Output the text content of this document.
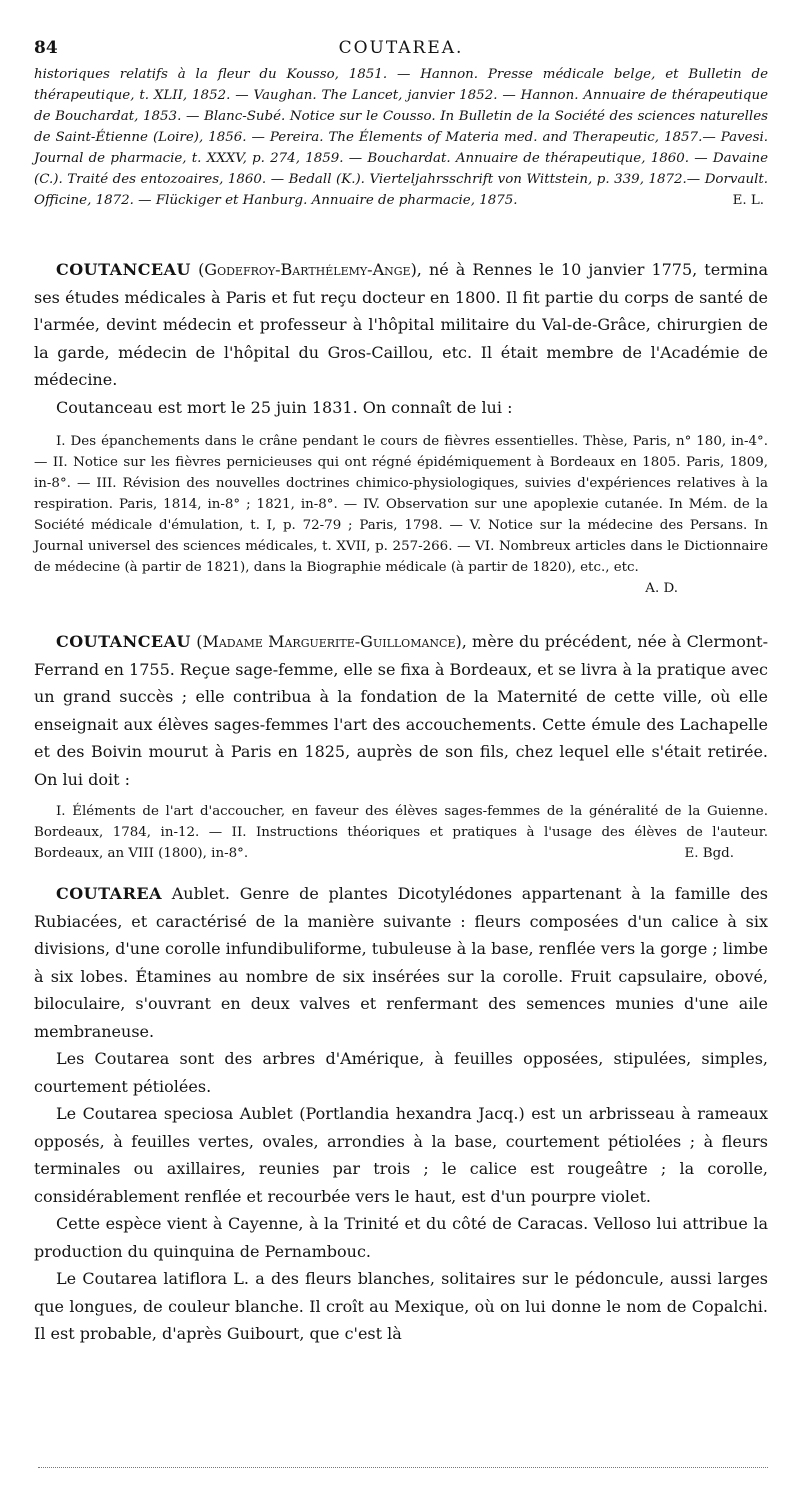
84	COUTAREA.

historiques relatifs à la fleur du Kousso, 1851. — Hannon. Presse médicale belge, et Bulletin de thérapeutique, t. XLII, 1852. — Vaughan. The Lancet, janvier 1852. — Hannon. Annuaire de thérapeutique de Bouchardat, 1853. — Blanc-Subé. Notice sur le Cousso. In Bulletin de la Société des sciences naturelles de Saint-Étienne (Loire), 1856. — Pereira. The Élements of Materia med. and Therapeutic, 1857.— Pavesi. Journal de pharmacie, t. XXXV, p. 274, 1859. — Bouchardat. Annuaire de thérapeutique, 1860. — Davaine (C.). Traité des entozoaires, 1860. — Bedall (K.). Vierteljahrsschrift von Wittstein, p. 339, 1872.— Dorvault. Officine, 1872. — Flückiger et Hanburg. Annuaire de pharmacie, 1875.	E. L.

COUTANCEAU (Godefroy-Barthélemy-Ange), né à Rennes le 10 janvier 1775, termina ses études médicales à Paris et fut reçu docteur en 1800. Il fit partie du corps de santé de l'armée, devint médecin et professeur à l'hôpital militaire du Val-de-Grâce, chirurgien de la garde, médecin de l'hôpital du Gros-Caillou, etc. Il était membre de l'Académie de médecine.

Coutanceau est mort le 25 juin 1831. On connaît de lui :

I. Des épanchements dans le crâne pendant le cours de fièvres essentielles. Thèse, Paris, n° 180, in-4°. — II. Notice sur les fièvres pernicieuses qui ont régné épidémiquement à Bordeaux en 1805. Paris, 1809, in-8°. — III. Révision des nouvelles doctrines chimico-physiologiques, suivies d'expériences relatives à la respiration. Paris, 1814, in-8° ; 1821, in-8°. — IV. Observation sur une apoplexie cutanée. In Mém. de la Société médicale d'émulation, t. I, p. 72-79 ; Paris, 1798. — V. Notice sur la médecine des Persans. In Journal universel des sciences médicales, t. XVII, p. 257-266. — VI. Nombreux articles dans le Dictionnaire de médecine (à partir de 1821), dans la Biographie médicale (à partir de 1820), etc., etc.

A. D.

COUTANCEAU (Madame Marguerite-Guillomance), mère du précédent, née à Clermont-Ferrand en 1755. Reçue sage-femme, elle se fixa à Bordeaux, et se livra à la pratique avec un grand succès ; elle contribua à la fondation de la Maternité de cette ville, où elle enseignait aux élèves sages-femmes l'art des accouchements. Cette émule des Lachapelle et des Boivin mourut à Paris en 1825, auprès de son fils, chez lequel elle s'était retirée. On lui doit :

I. Éléments de l'art d'accoucher, en faveur des élèves sages-femmes de la généralité de la Guienne. Bordeaux, 1784, in-12. — II. Instructions théoriques et pratiques à l'usage des élèves de l'auteur. Bordeaux, an VIII (1800), in-8°.	E. Bgd.

COUTAREA Aublet. Genre de plantes Dicotylédones appartenant à la famille des Rubiacées, et caractérisé de la manière suivante : fleurs composées d'un calice à six divisions, d'une corolle infundibuliforme, tubuleuse à la base, renflée vers la gorge ; limbe à six lobes. Étamines au nombre de six insérées sur la corolle. Fruit capsulaire, obové, biloculaire, s'ouvrant en deux valves et renfermant des semences munies d'une aile membraneuse.

Les Coutarea sont des arbres d'Amérique, à feuilles opposées, stipulées, simples, courtement pétiolées.

Le Coutarea speciosa Aublet (Portlandia hexandra Jacq.) est un arbrisseau à rameaux opposés, à feuilles vertes, ovales, arrondies à la base, courtement pétiolées ; à fleurs terminales ou axillaires, reunies par trois ; le calice est rougeâtre ; la corolle, considérablement renflée et recourbée vers le haut, est d'un pourpre violet.

Cette espèce vient à Cayenne, à la Trinité et du côté de Caracas. Velloso lui attribue la production du quinquina de Pernambouc.

Le Coutarea latiflora L. a des fleurs blanches, solitaires sur le pédoncule, aussi larges que longues, de couleur blanche. Il croît au Mexique, où on lui donne le nom de Copalchi. Il est probable, d'après Guibourt, que c'est là
